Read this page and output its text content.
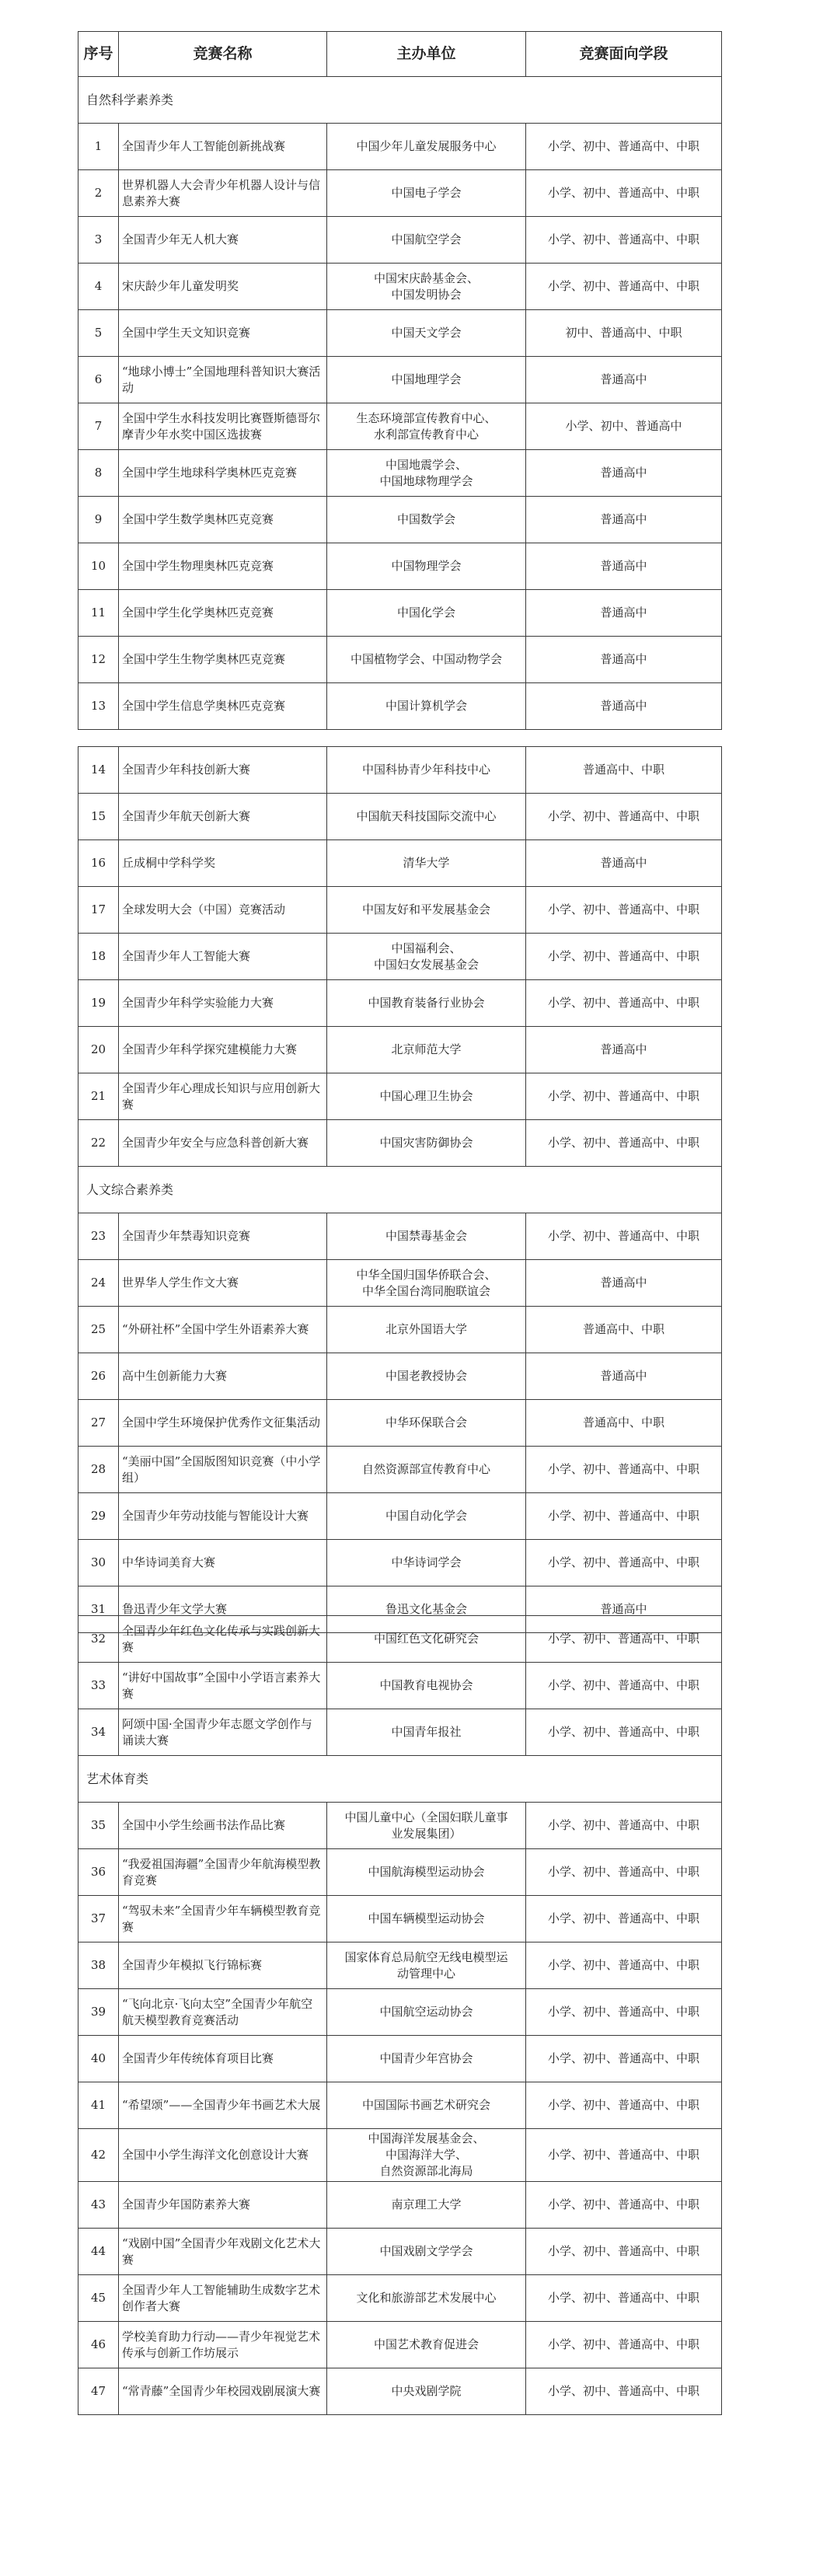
序号	竞赛名称	主办单位	竞赛面向学段
自然科学素养类			
1	全国青少年人工智能创新挑战赛	中国少年儿童发展服务中心	小学、初中、普通高中、中职
2	世界机器人大会青少年机器人设计与信息素养大赛	中国电子学会	小学、初中、普通高中、中职
3	全国青少年无人机大赛	中国航空学会	小学、初中、普通高中、中职
4	宋庆龄少年儿童发明奖	中国宋庆龄基金会、
中国发明协会	小学、初中、普通高中、中职
5	全国中学生天文知识竞赛	中国天文学会	初中、普通高中、中职
6	“地球小博士”全国地理科普知识大赛活动	中国地理学会	普通高中
7	全国中学生水科技发明比赛暨斯德哥尔摩青少年水奖中国区选拔赛	生态环境部宣传教育中心、
水利部宣传教育中心	小学、初中、普通高中
8	全国中学生地球科学奥林匹克竞赛	中国地震学会、
中国地球物理学会	普通高中
9	全国中学生数学奥林匹克竞赛	中国数学会	普通高中
10	全国中学生物理奥林匹克竞赛	中国物理学会	普通高中
11	全国中学生化学奥林匹克竞赛	中国化学会	普通高中
12	全国中学生生物学奥林匹克竞赛	中国植物学会、中国动物学会	普通高中
13	全国中学生信息学奥林匹克竞赛	中国计算机学会	普通高中
14	全国青少年科技创新大赛	中国科协青少年科技中心	普通高中、中职
15	全国青少年航天创新大赛	中国航天科技国际交流中心	小学、初中、普通高中、中职
16	丘成桐中学科学奖	清华大学	普通高中
17	全球发明大会（中国）竞赛活动	中国友好和平发展基金会	小学、初中、普通高中、中职
18	全国青少年人工智能大赛	中国福利会、
中国妇女发展基金会	小学、初中、普通高中、中职
19	全国青少年科学实验能力大赛	中国教育装备行业协会	小学、初中、普通高中、中职
20	全国青少年科学探究建模能力大赛	北京师范大学	普通高中
21	全国青少年心理成长知识与应用创新大赛	中国心理卫生协会	小学、初中、普通高中、中职
22	全国青少年安全与应急科普创新大赛	中国灾害防御协会	小学、初中、普通高中、中职
人文综合素养类			
23	全国青少年禁毒知识竞赛	中国禁毒基金会	小学、初中、普通高中、中职
24	世界华人学生作文大赛	中华全国归国华侨联合会、
中华全国台湾同胞联谊会	普通高中
25	“外研社杯”全国中学生外语素养大赛	北京外国语大学	普通高中、中职
26	高中生创新能力大赛	中国老教授协会	普通高中
27	全国中学生环境保护优秀作文征集活动	中华环保联合会	普通高中、中职
28	“美丽中国”全国版图知识竞赛（中小学组）	自然资源部宣传教育中心	小学、初中、普通高中、中职
29	全国青少年劳动技能与智能设计大赛	中国自动化学会	小学、初中、普通高中、中职
30	中华诗词美育大赛	中华诗词学会	小学、初中、普通高中、中职
31	鲁迅青少年文学大赛	鲁迅文化基金会	普通高中
32	全国青少年红色文化传承与实践创新大赛	中国红色文化研究会	小学、初中、普通高中、中职
33	“讲好中国故事”全国中小学语言素养大赛	中国教育电视协会	小学、初中、普通高中、中职
34	阿颂中国·全国青少年志愿文学创作与诵读大赛	中国青年报社	小学、初中、普通高中、中职
艺术体育类			
35	全国中小学生绘画书法作品比赛	中国儿童中心（全国妇联儿童事
业发展集团）	小学、初中、普通高中、中职
36	“我爱祖国海疆”全国青少年航海模型教育竞赛	中国航海模型运动协会	小学、初中、普通高中、中职
37	“驾驭未来”全国青少年车辆模型教育竞赛	中国车辆模型运动协会	小学、初中、普通高中、中职
38	全国青少年模拟飞行锦标赛	国家体育总局航空无线电模型运
动管理中心	小学、初中、普通高中、中职
39	“飞向北京·飞向太空”全国青少年航空航天模型教育竞赛活动	中国航空运动协会	小学、初中、普通高中、中职
40	全国青少年传统体育项目比赛	中国青少年宫协会	小学、初中、普通高中、中职
41	“希望颂”——全国青少年书画艺术大展	中国国际书画艺术研究会	小学、初中、普通高中、中职
42	全国中小学生海洋文化创意设计大赛	中国海洋发展基金会、
中国海洋大学、
自然资源部北海局	小学、初中、普通高中、中职
43	全国青少年国防素养大赛	南京理工大学	小学、初中、普通高中、中职
44	“戏剧中国”全国青少年戏剧文化艺术大赛	中国戏剧文学学会	小学、初中、普通高中、中职
45	全国青少年人工智能辅助生成数字艺术创作者大赛	文化和旅游部艺术发展中心	小学、初中、普通高中、中职
46	学校美育助力行动——青少年视觉艺术传承与创新工作坊展示	中国艺术教育促进会	小学、初中、普通高中、中职
47	“常青藤”全国青少年校园戏剧展演大赛	中央戏剧学院	小学、初中、普通高中、中职
